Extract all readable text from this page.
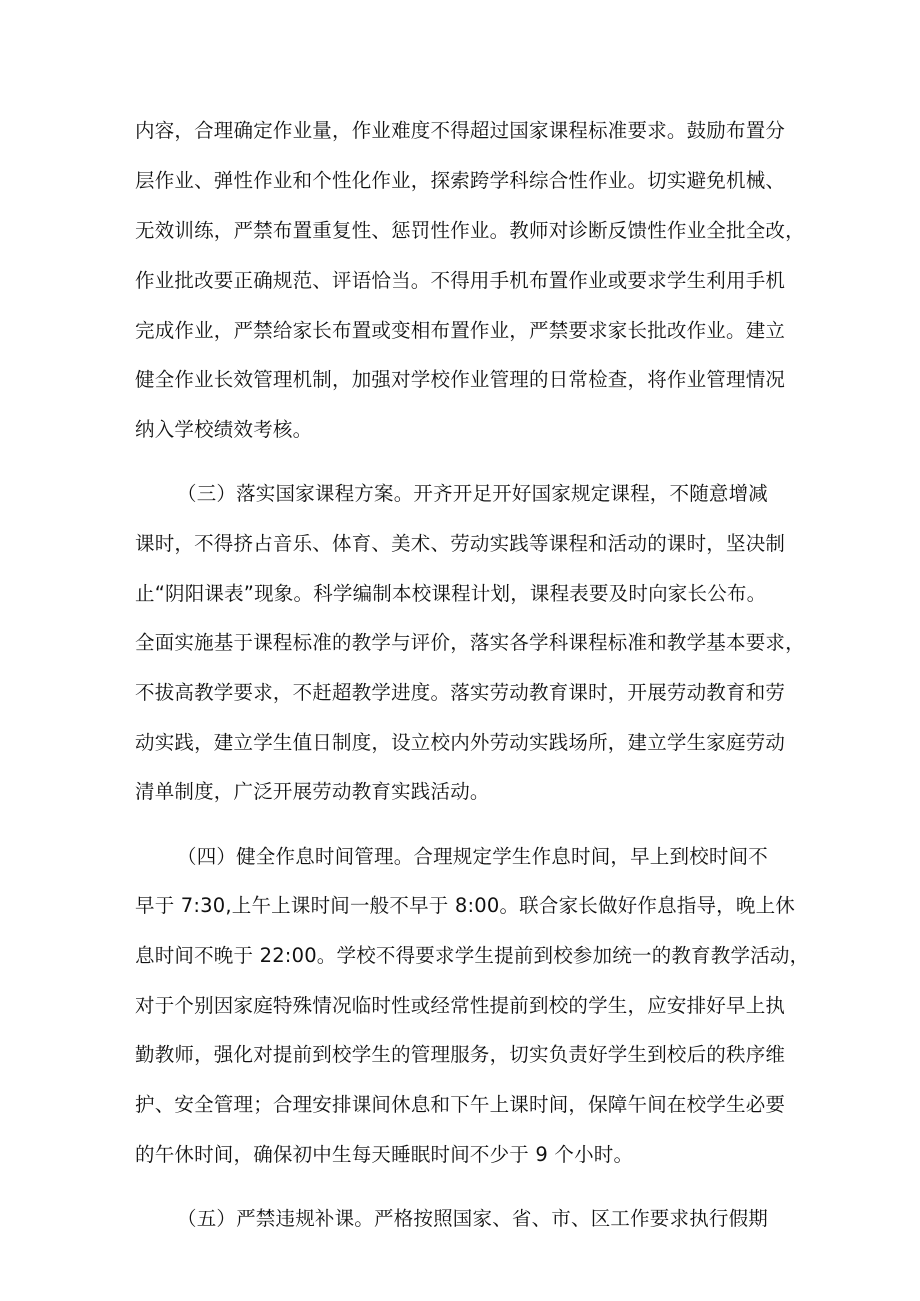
内容，合理确定作业量，作业难度不得超过国家课程标准要求。鼓励布置分
层作业、弹性作业和个性化作业，探索跨学科综合性作业。切实避免机械、
无效训练，严禁布置重复性、惩罚性作业。教师对诊断反馈性作业全批全改，
作业批改要正确规范、评语恰当。不得用手机布置作业或要求学生利用手机
完成作业，严禁给家长布置或变相布置作业，严禁要求家长批改作业。建立
健全作业长效管理机制，加强对学校作业管理的日常检查，将作业管理情况
纳入学校绩效考核。
（三）落实国家课程方案。开齐开足开好国家规定课程，不随意增减
课时，不得挤占音乐、体育、美术、劳动实践等课程和活动的课时，坚决制
止“阴阳课表”现象。科学编制本校课程计划，课程表要及时向家长公布。
全面实施基于课程标准的教学与评价，落实各学科课程标准和教学基本要求，
不拔高教学要求，不赶超教学进度。落实劳动教育课时，开展劳动教育和劳
动实践，建立学生值日制度，设立校内外劳动实践场所，建立学生家庭劳动
清单制度，广泛开展劳动教育实践活动。
（四）健全作息时间管理。合理规定学生作息时间，早上到校时间不
早于 7:30,上午上课时间一般不早于 8:00。联合家长做好作息指导，晚上休
息时间不晚于 22:00。学校不得要求学生提前到校参加统一的教育教学活动，
对于个别因家庭特殊情况临时性或经常性提前到校的学生，应安排好早上执
勤教师，强化对提前到校学生的管理服务，切实负责好学生到校后的秩序维
护、安全管理；合理安排课间休息和下午上课时间，保障午间在校学生必要
的午休时间，确保初中生每天睡眠时间不少于 9 个小时。
（五）严禁违规补课。严格按照国家、省、市、区工作要求执行假期
